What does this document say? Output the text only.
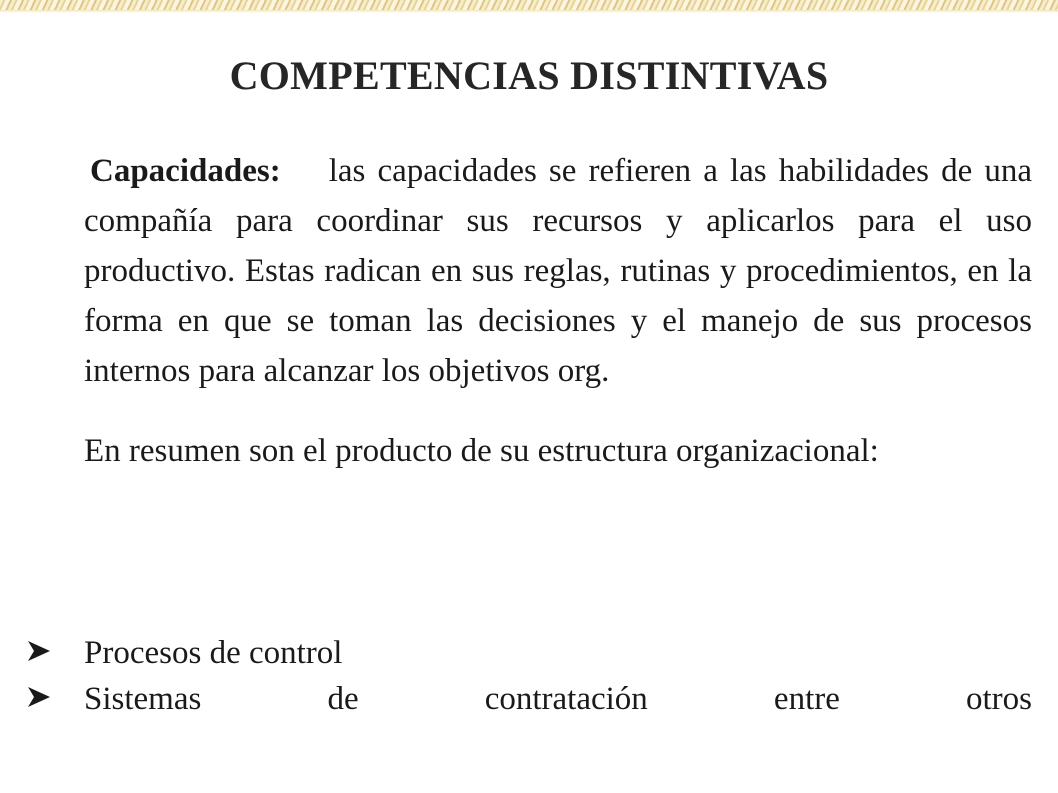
COMPETENCIAS DISTINTIVAS

Capacidades: las capacidades se refieren a las habilidades de una compañía para coordinar sus recursos y aplicarlos para el uso productivo. Estas radican en sus reglas, rutinas y procedimientos, en la forma en que se toman las decisiones y el manejo de sus procesos internos para alcanzar los objetivos org.

En resumen son el producto de su estructura organizacional:

Procesos de control
Sistemas	de	contratación	entre	otros
